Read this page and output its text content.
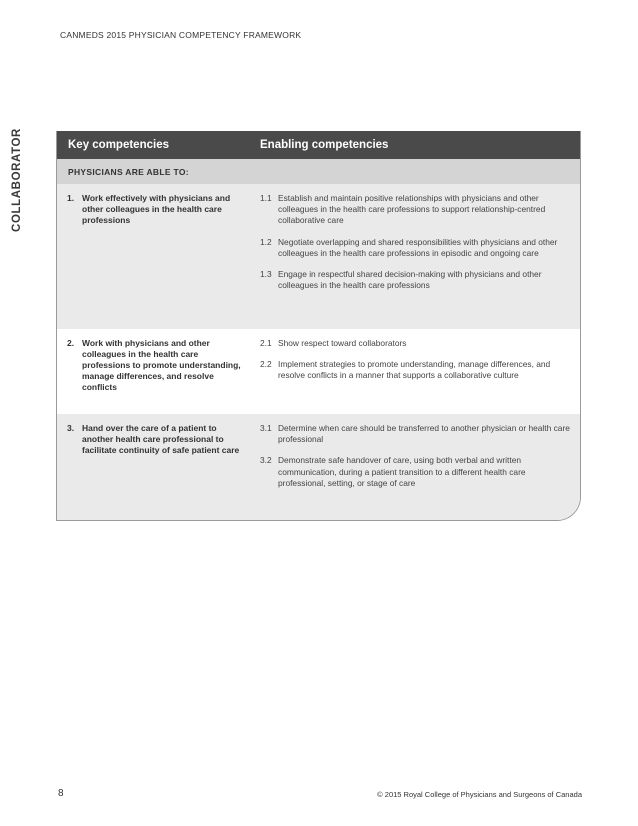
CANMEDS 2015 PHYSICIAN COMPETENCY FRAMEWORK
COLLABORATOR	Key competencies	Enabling competencies
PHYSICIANS ARE ABLE TO:
1. Work effectively with physicians and other colleagues in the health care professions
1.1 Establish and maintain positive relationships with physicians and other colleagues in the health care professions to support relationship-centred collaborative care
1.2 Negotiate overlapping and shared responsibilities with physicians and other colleagues in the health care professions in episodic and ongoing care
1.3 Engage in respectful shared decision-making with physicians and other colleagues in the health care professions
2. Work with physicians and other colleagues in the health care professions to promote understanding, manage differences, and resolve conflicts
2.1 Show respect toward collaborators
2.2 Implement strategies to promote understanding, manage differences, and resolve conflicts in a manner that supports a collaborative culture
3. Hand over the care of a patient to another health care professional to facilitate continuity of safe patient care
3.1 Determine when care should be transferred to another physician or health care professional
3.2 Demonstrate safe handover of care, using both verbal and written communication, during a patient transition to a different health care professional, setting, or stage of care
8	© 2015 Royal College of Physicians and Surgeons of Canada
